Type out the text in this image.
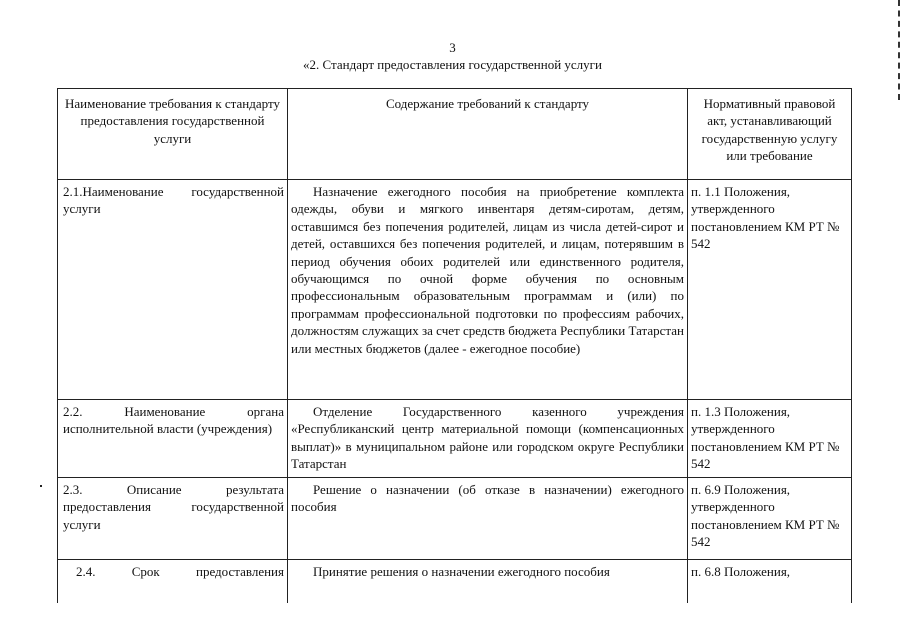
3
«2. Стандарт предоставления государственной услуги
Наименование требования к стандарту предоставления государственной услуги	Содержание требований к стандарту	Нормативный правовой акт, устанавливающий государственную услугу или требование
2.1.Наименование государственной услуги	Назначение ежегодного пособия на приобретение комплекта одежды, обуви и мягкого инвентаря детям-сиротам, детям, оставшимся без попечения родителей, лицам из числа детей-сирот и детей, оставшихся без попечения родителей, и лицам, потерявшим в период обучения обоих родителей или единственного родителя, обучающимся по очной форме обучения по основным профессиональным образовательным программам и (или) по программам профессиональной подготовки по профессиям рабочих, должностям служащих за счет средств бюджета Республики Татарстан или местных бюджетов (далее - ежегодное пособие)	п. 1.1 Положения, утвержденного постановлением КМ РТ № 542
2.2. Наименование органа исполнительной власти (учреждения)	Отделение Государственного казенного учреждения «Республиканский центр материальной помощи (компенсационных выплат)» в муниципальном районе или городском округе Республики Татарстан	п. 1.3 Положения, утвержденного постановлением КМ РТ № 542
2.3. Описание результата предоставления государственной услуги	Решение о назначении (об отказе в назначении) ежегодного пособия	п. 6.9 Положения, утвержденного постановлением КМ РТ № 542
2.4. Срок предоставления	Принятие решения о назначении ежегодного пособия	п. 6.8 Положения,
